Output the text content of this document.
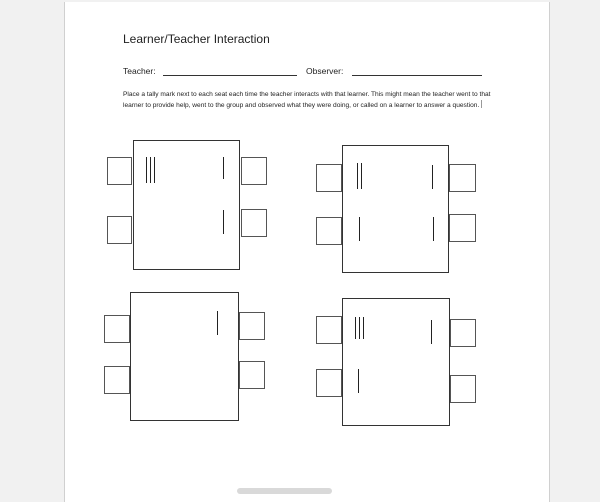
Learner/Teacher Interaction
Teacher:	Observer:
Place a tally mark next to each seat each time the teacher interacts with that learner. This might mean the teacher went to that learner to provide help, went to the group and observed what they were doing, or called on a learner to answer a question.
